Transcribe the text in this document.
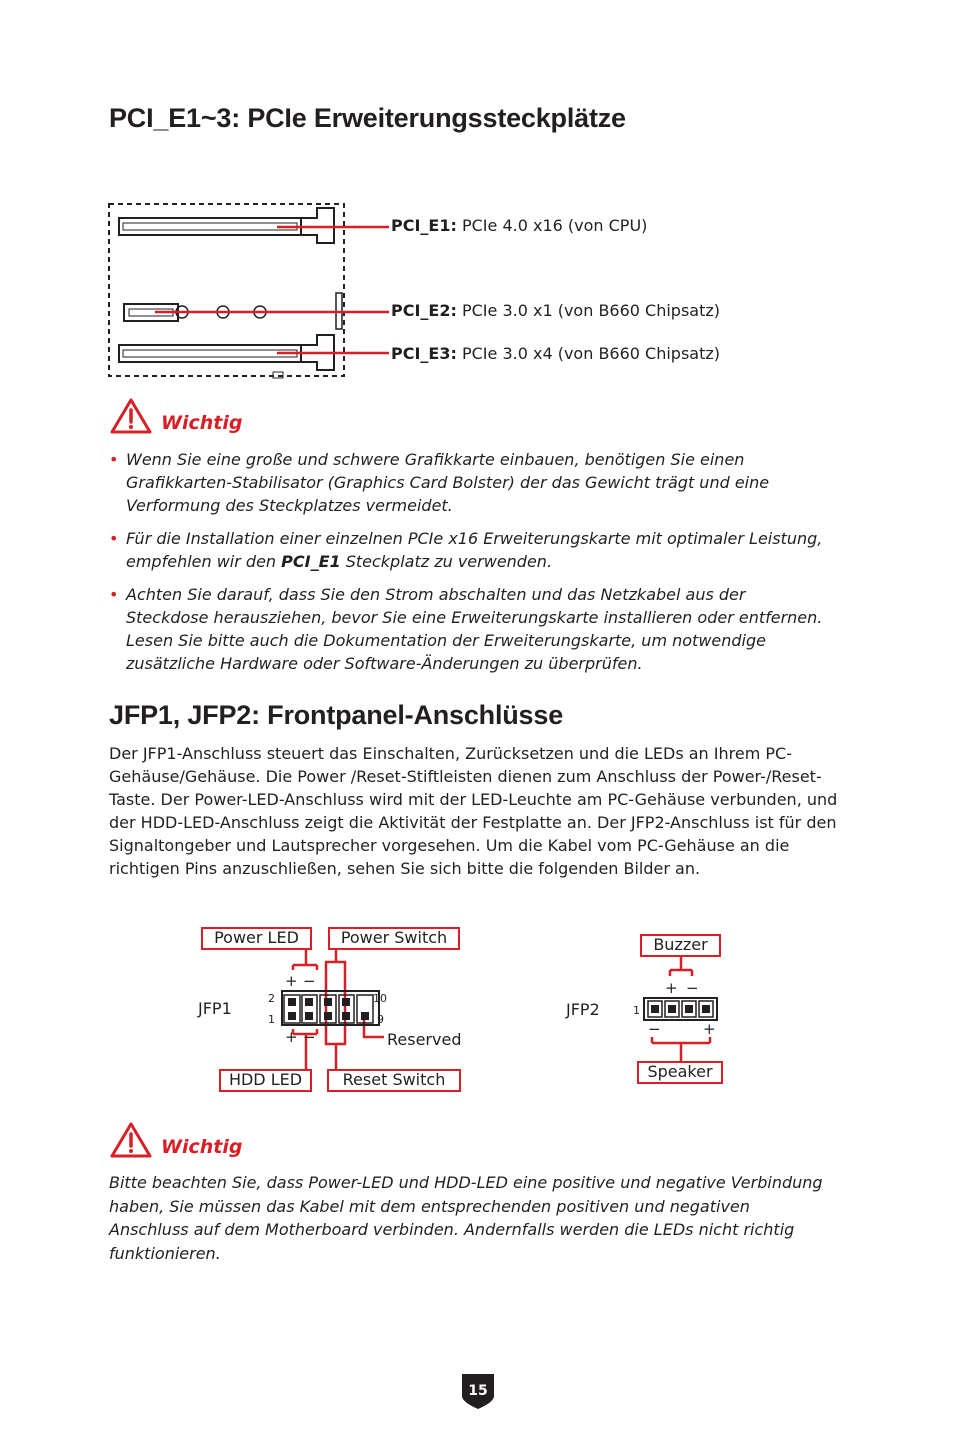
PCI_E1~3: PCIe Erweiterungssteckplätze
PCI_E1: PCIe 4.0 x16 (von CPU)
PCI_E2: PCIe 3.0 x1 (von B660 Chipsatz)
PCI_E3: PCIe 3.0 x4 (von B660 Chipsatz)
Wichtig
• Wenn Sie eine große und schwere Grafikkarte einbauen, benötigen Sie einen Grafikkarten-Stabilisator (Graphics Card Bolster) der das Gewicht trägt und eine Verformung des Steckplatzes vermeidet.
• Für die Installation einer einzelnen PCIe x16 Erweiterungskarte mit optimaler Leistung, empfehlen wir den PCI_E1 Steckplatz zu verwenden.
• Achten Sie darauf, dass Sie den Strom abschalten und das Netzkabel aus der Steckdose herausziehen, bevor Sie eine Erweiterungskarte installieren oder entfernen. Lesen Sie bitte auch die Dokumentation der Erweiterungskarte, um notwendige zusätzliche Hardware oder Software-Änderungen zu überprüfen.
JFP1, JFP2: Frontpanel-Anschlüsse
Der JFP1-Anschluss steuert das Einschalten, Zurücksetzen und die LEDs an Ihrem PC-Gehäuse/Gehäuse. Die Power /Reset-Stiftleisten dienen zum Anschluss der Power-/Reset-Taste. Der Power-LED-Anschluss wird mit der LED-Leuchte am PC-Gehäuse verbunden, und der HDD-LED-Anschluss zeigt die Aktivität der Festplatte an. Der JFP2-Anschluss ist für den Signaltongeber und Lautsprecher vorgesehen. Um die Kabel vom PC-Gehäuse an die richtigen Pins anzuschließen, sehen Sie sich bitte die folgenden Bilder an.
Power LED	Power Switch
HDD LED	Reset Switch
JFP1
Reserved
+ −
+ −
2
1
10
9
Buzzer
Speaker
JFP2
+ −
−	+
1
Wichtig
Bitte beachten Sie, dass Power-LED und HDD-LED eine positive und negative Verbindung haben, Sie müssen das Kabel mit dem entsprechenden positiven und negativen Anschluss auf dem Motherboard verbinden. Andernfalls werden die LEDs nicht richtig funktionieren.
15
